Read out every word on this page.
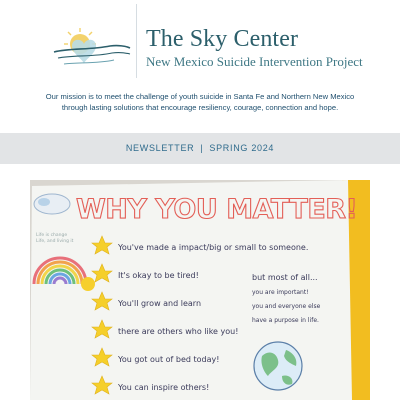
The Sky Center
New Mexico Suicide Intervention Project
Our mission is to meet the challenge of youth suicide in Santa Fe and Northern New Mexico
through lasting solutions that encourage resiliency, courage, connection and hope.
NEWSLETTER | SPRING 2024
WHY YOU MATTER!
Life is change
Life, and living it
You've made a impact/big or small to someone.
It's okay to be tired!
You'll grow and learn
there are others who like you!
You got out of bed today!
You can inspire others!
but most of all...
you are important!
you and everyone else
have a purpose in life.
